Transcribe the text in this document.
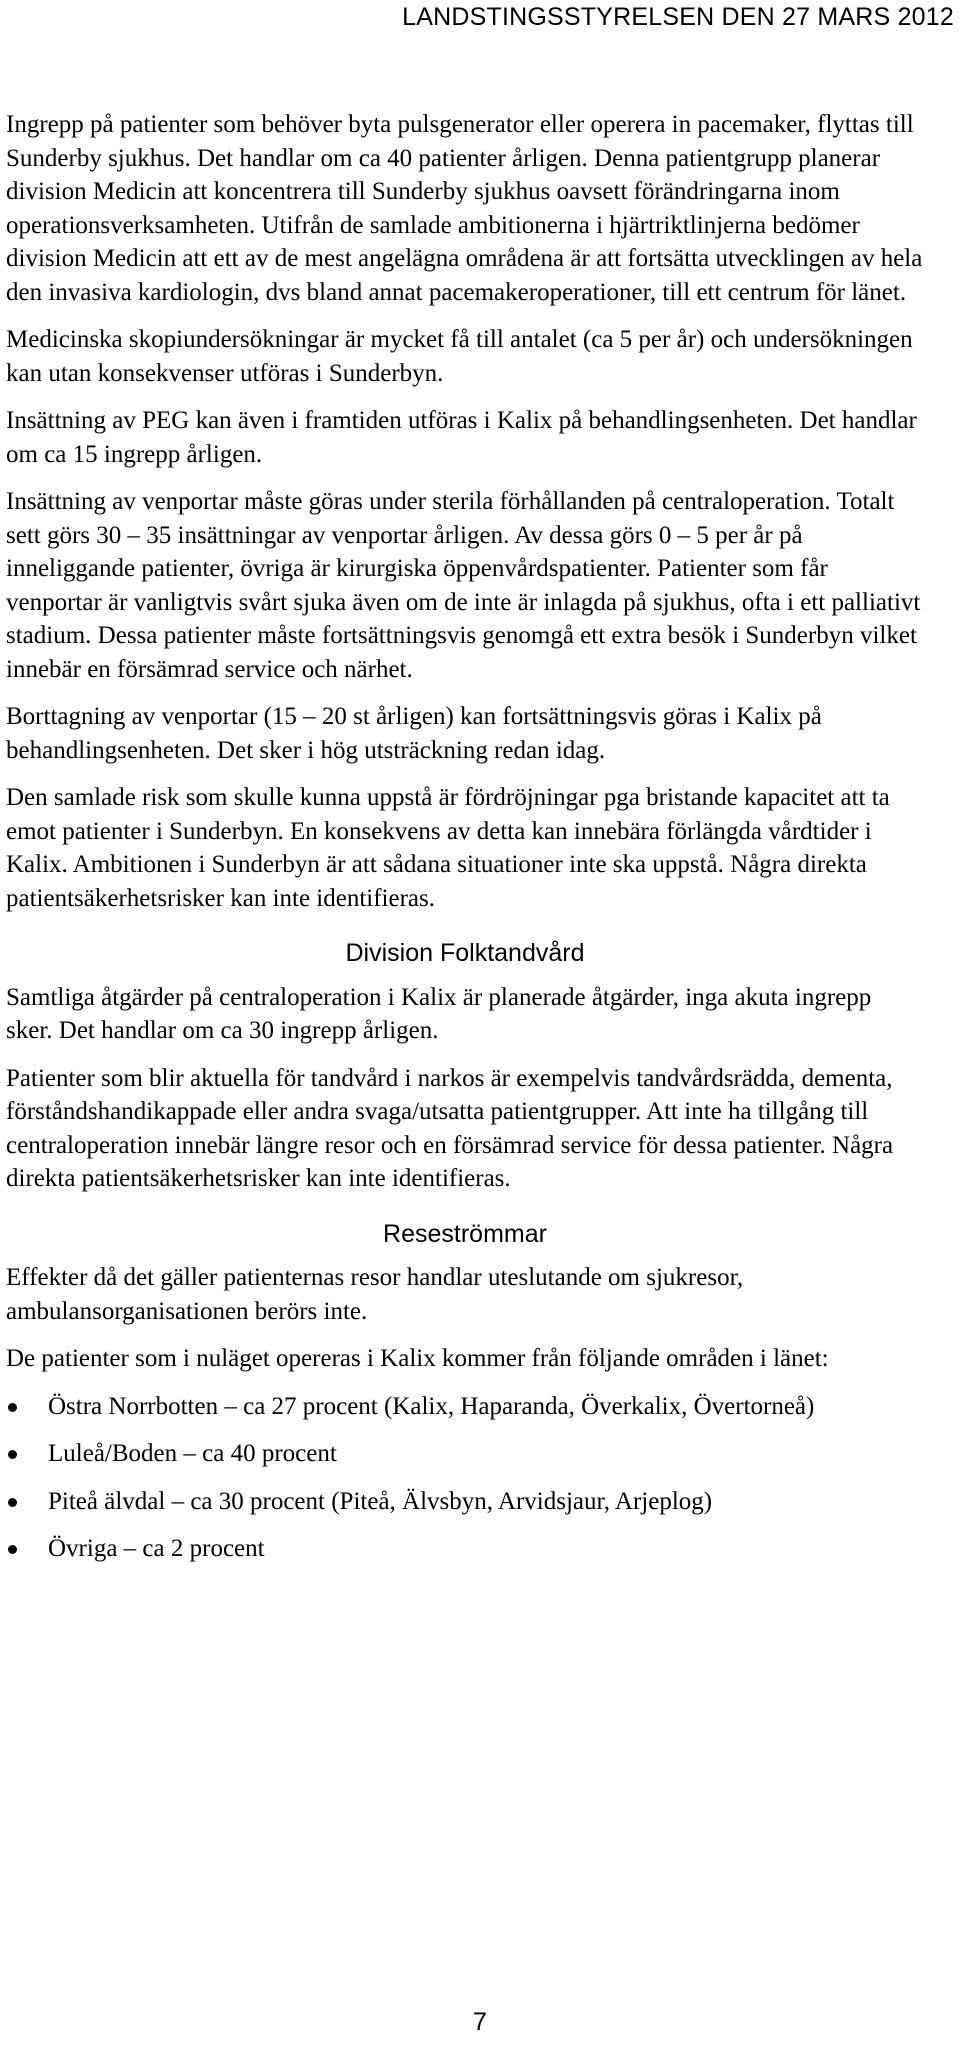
LANDSTINGSSTYRELSEN DEN 27 MARS 2012

Ingrepp på patienter som behöver byta pulsgenerator eller operera in pacemaker, flyttas till Sunderby sjukhus. Det handlar om ca 40 patienter årligen. Denna patientgrupp planerar division Medicin att koncentrera till Sunderby sjukhus oavsett förändringarna inom operationsverksamheten. Utifrån de samlade ambitionerna i hjärtriktlinjerna bedömer division Medicin att ett av de mest angelägna områdena är att fortsätta utvecklingen av hela den invasiva kardiologin, dvs bland annat pacemakeroperationer, till ett centrum för länet.

Medicinska skopiundersökningar är mycket få till antalet (ca 5 per år) och undersökningen kan utan konsekvenser utföras i Sunderbyn.

Insättning av PEG kan även i framtiden utföras i Kalix på behandlingsenheten. Det handlar om ca 15 ingrepp årligen.

Insättning av venportar måste göras under sterila förhållanden på centraloperation. Totalt sett görs 30 – 35 insättningar av venportar årligen. Av dessa görs 0 – 5 per år på inneliggande patienter, övriga är kirurgiska öppenvårdspatienter. Patienter som får venportar är vanligtvis svårt sjuka även om de inte är inlagda på sjukhus, ofta i ett palliativt stadium. Dessa patienter måste fortsättningsvis genomgå ett extra besök i Sunderbyn vilket innebär en försämrad service och närhet.

Borttagning av venportar (15 – 20 st årligen) kan fortsättningsvis göras i Kalix på behandlingsenheten. Det sker i hög utsträckning redan idag.

Den samlade risk som skulle kunna uppstå är fördröjningar pga bristande kapacitet att ta emot patienter i Sunderbyn. En konsekvens av detta kan innebära förlängda vårdtider i Kalix. Ambitionen i Sunderbyn är att sådana situationer inte ska uppstå. Några direkta patientsäkerhetsrisker kan inte identifieras.

Division Folktandvård

Samtliga åtgärder på centraloperation i Kalix är planerade åtgärder, inga akuta ingrepp sker. Det handlar om ca 30 ingrepp årligen.

Patienter som blir aktuella för tandvård i narkos är exempelvis tandvårdsrädda, dementa, förståndshandikappade eller andra svaga/utsatta patientgrupper. Att inte ha tillgång till centraloperation innebär längre resor och en försämrad service för dessa patienter. Några direkta patientsäkerhetsrisker kan inte identifieras.

Reseströmmar

Effekter då det gäller patienternas resor handlar uteslutande om sjukresor, ambulansorganisationen berörs inte.

De patienter som i nuläget opereras i Kalix kommer från följande områden i länet:

Östra Norrbotten – ca 27 procent (Kalix, Haparanda, Överkalix, Övertorneå)
Luleå/Boden – ca 40 procent
Piteå älvdal – ca 30 procent (Piteå, Älvsbyn, Arvidsjaur, Arjeplog)
Övriga – ca 2 procent
7
